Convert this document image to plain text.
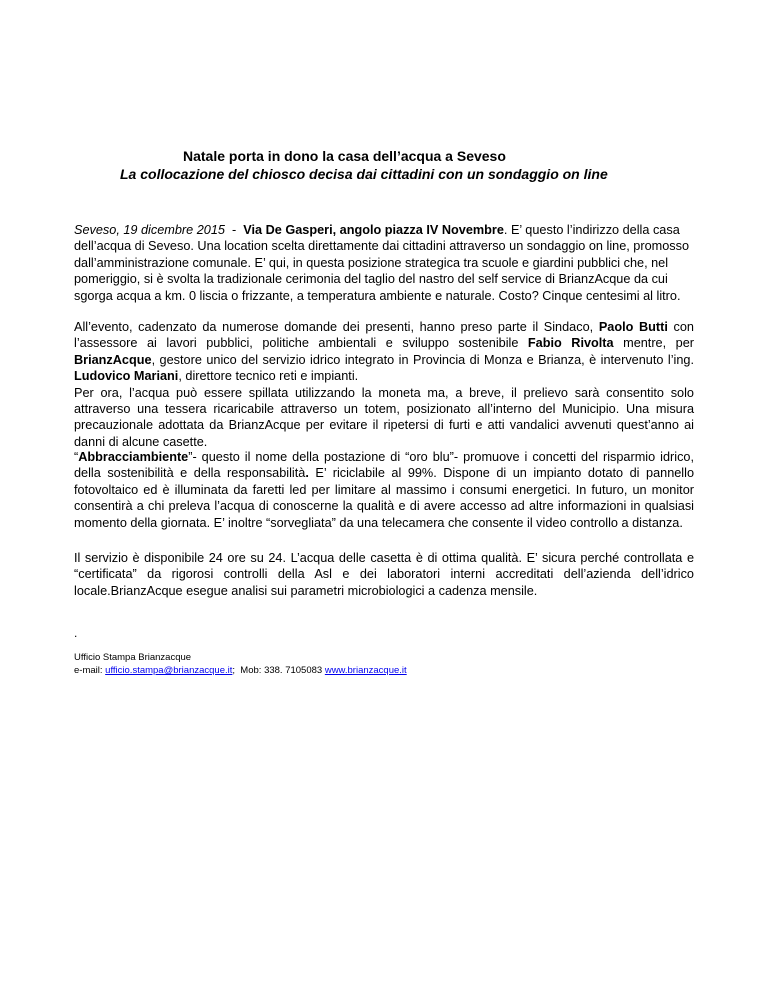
Natale porta in dono la casa dell’acqua a Seveso
La collocazione del chiosco decisa dai cittadini con un sondaggio on line

Seveso, 19 dicembre 2015  -  Via De Gasperi, angolo piazza IV Novembre. E’ questo l’indirizzo della casa dell’acqua di Seveso. Una location scelta direttamente dai cittadini attraverso un sondaggio on line, promosso dall’amministrazione comunale. E’ qui, in questa posizione strategica tra scuole e giardini pubblici che, nel pomeriggio, si è svolta la tradizionale cerimonia del taglio del nastro del self service di BrianzAcque da cui sgorga acqua a km. 0 liscia o frizzante, a temperatura ambiente e naturale. Costo? Cinque centesimi al litro.

All’evento, cadenzato da numerose domande dei presenti, hanno preso parte il Sindaco, Paolo Butti con l’assessore ai lavori pubblici, politiche ambientali e sviluppo sostenibile Fabio Rivolta mentre, per BrianzAcque, gestore unico del servizio idrico integrato in Provincia di Monza e Brianza, è intervenuto l’ing. Ludovico Mariani, direttore tecnico reti e impianti.
Per ora, l’acqua può essere spillata utilizzando la moneta ma, a breve, il prelievo sarà consentito solo attraverso una tessera ricaricabile attraverso un totem, posizionato all’interno del Municipio. Una misura precauzionale adottata da BrianzAcque per evitare il ripetersi di furti e atti vandalici avvenuti quest’anno ai danni di alcune casette.

“Abbracciambiente”- questo il nome della postazione di “oro blu”- promuove i concetti del risparmio idrico, della sostenibilità e della responsabilità. E’ riciclabile al 99%. Dispone di un impianto dotato di pannello fotovoltaico ed è illuminata da faretti led per limitare al massimo i consumi energetici. In futuro, un monitor consentirà a chi preleva l’acqua di conoscerne la qualità e di avere accesso ad altre informazioni in qualsiasi momento della giornata. E’ inoltre “sorvegliata” da una telecamera che consente il video controllo a distanza.

Il servizio è disponibile 24 ore su 24. L’acqua delle casetta è di ottima qualità. E’ sicura perché controllata e “certificata” da rigorosi controlli della Asl e dei laboratori interni accreditati dell’azienda dell’idrico locale.BrianzAcque esegue analisi sui parametri microbiologici a cadenza mensile.

.
Ufficio Stampa Brianzacque
e-mail: ufficio.stampa@brianzacque.it;  Mob: 338. 7105083 www.brianzacque.it
